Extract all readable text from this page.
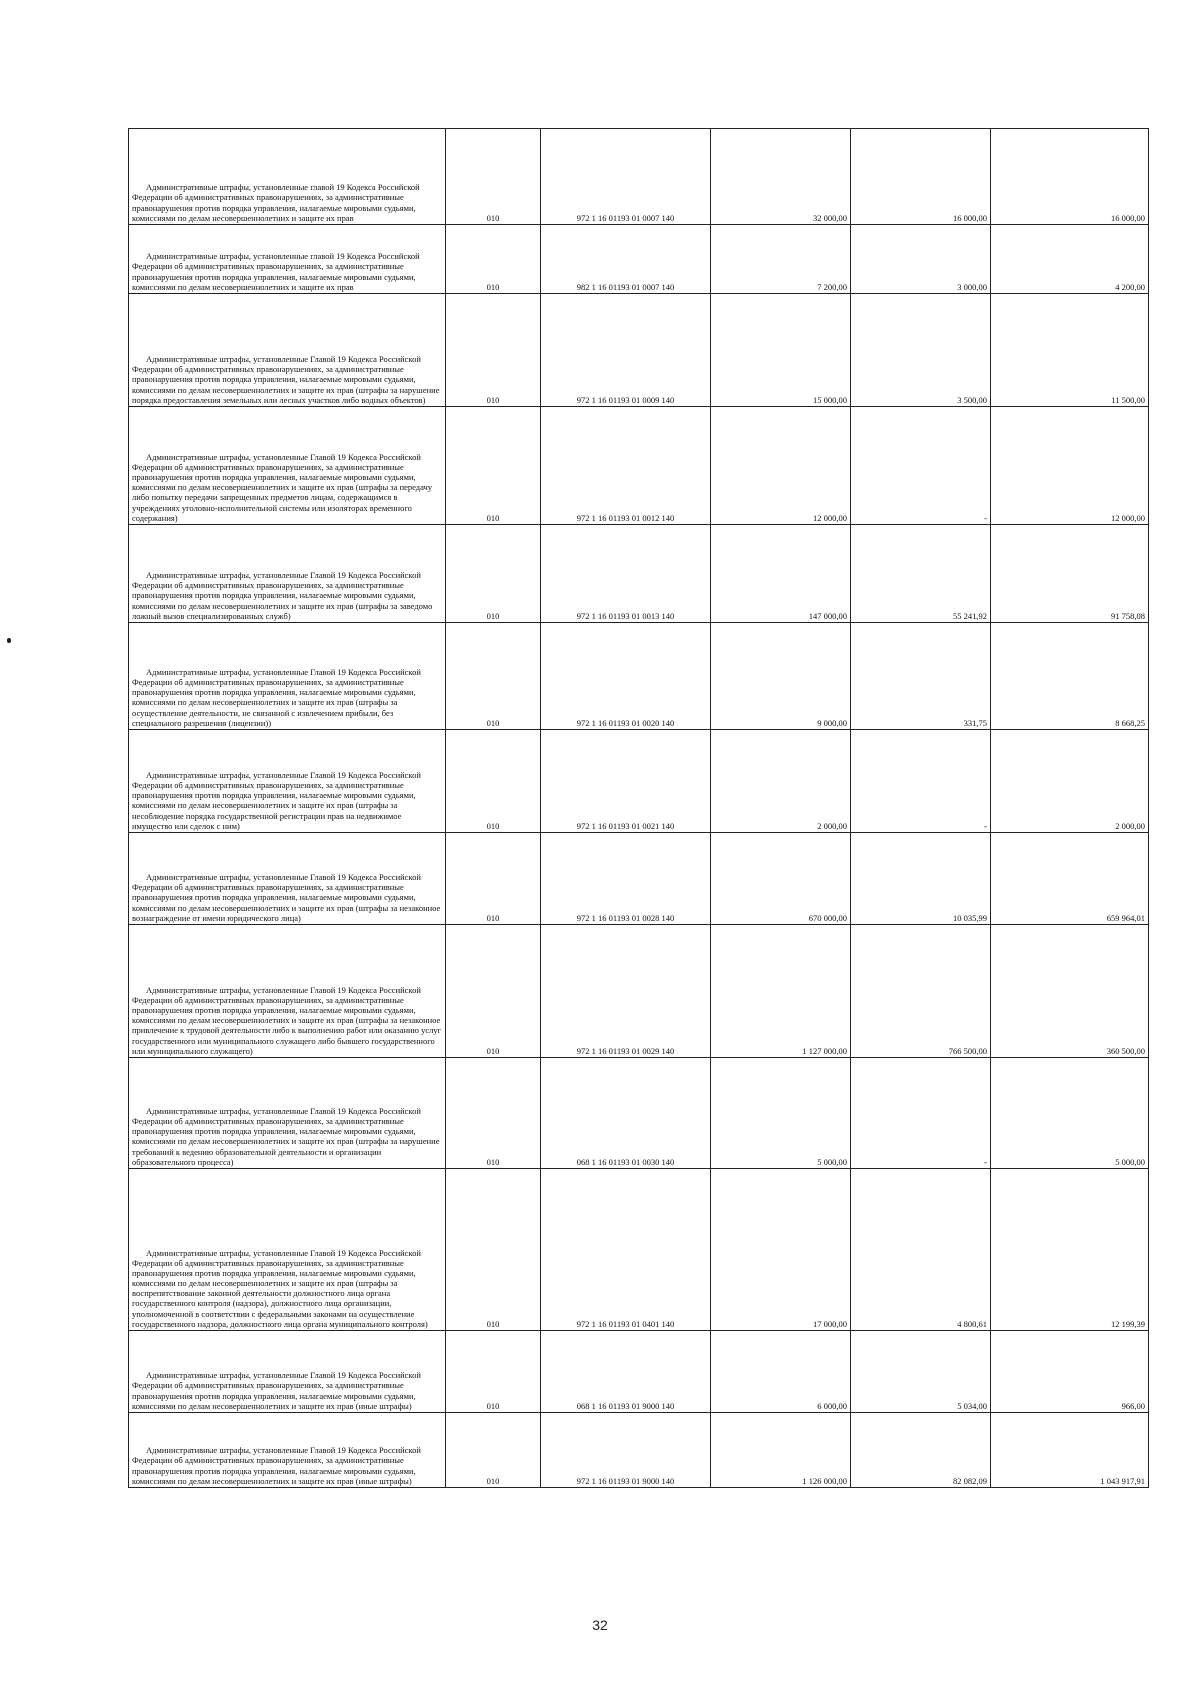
Административные штрафы, установленные главой 19 Кодекса Российской Федерации об административных правонарушениях, за административные правонарушения против порядка управления, налагаемые мировыми судьями, комиссиями по делам несовершеннолетних и защите их прав	010	972 1 16 01193 01 0007 140	32 000,00	16 000,00	16 000,00
Административные штрафы, установленные главой 19 Кодекса Российской Федерации об административных правонарушениях, за административные правонарушения против порядка управления, налагаемые мировыми судьями, комиссиями по делам несовершеннолетних и защите их прав	010	982 1 16 01193 01 0007 140	7 200,00	3 000,00	4 200,00
Административные штрафы, установленные Главой 19 Кодекса Российской Федерации об административных правонарушениях, за административные правонарушения против порядка управления, налагаемые мировыми судьями, комиссиями по делам несовершеннолетних и защите их прав (штрафы за нарушение порядка предоставления земельных или лесных участков либо водных объектов)	010	972 1 16 01193 01 0009 140	15 000,00	3 500,00	11 500,00
Административные штрафы, установленные Главой 19 Кодекса Российской Федерации об административных правонарушениях, за административные правонарушения против порядка управления, налагаемые мировыми судьями, комиссиями по делам несовершеннолетних и защите их прав (штрафы за передачу либо попытку передачи запрещенных предметов лицам, содержащимся в учреждениях уголовно-исполнительной системы или изоляторах временного содержания)	010	972 1 16 01193 01 0012 140	12 000,00	-	12 000,00
Административные штрафы, установленные Главой 19 Кодекса Российской Федерации об административных правонарушениях, за административные правонарушения против порядка управления, налагаемые мировыми судьями, комиссиями по делам несовершеннолетних и защите их прав (штрафы за заведомо ложный вызов специализированных служб)	010	972 1 16 01193 01 0013 140	147 000,00	55 241,92	91 758,08
Административные штрафы, установленные Главой 19 Кодекса Российской Федерации об административных правонарушениях, за административные правонарушения против порядка управления, налагаемые мировыми судьями, комиссиями по делам несовершеннолетних и защите их прав (штрафы за осуществление деятельности, не связанной с извлечением прибыли, без специального разрешения (лицензии))	010	972 1 16 01193 01 0020 140	9 000,00	331,75	8 668,25
Административные штрафы, установленные Главой 19 Кодекса Российской Федерации об административных правонарушениях, за административные правонарушения против порядка управления, налагаемые мировыми судьями, комиссиями по делам несовершеннолетних и защите их прав (штрафы за несоблюдение порядка государственной регистрации прав на недвижимое имущество или сделок с ним)	010	972 1 16 01193 01 0021 140	2 000,00	-	2 000,00
Административные штрафы, установленные Главой 19 Кодекса Российской Федерации об административных правонарушениях, за административные правонарушения против порядка управления, налагаемые мировыми судьями, комиссиями по делам несовершеннолетних и защите их прав (штрафы за незаконное вознаграждение от имени юридического лица)	010	972 1 16 01193 01 0028 140	670 000,00	10 035,99	659 964,01
Административные штрафы, установленные Главой 19 Кодекса Российской Федерации об административных правонарушениях, за административные правонарушения против порядка управления, налагаемые мировыми судьями, комиссиями по делам несовершеннолетних и защите их прав (штрафы за незаконное привлечение к трудовой деятельности либо к выполнению работ или оказанию услуг государственного или муниципального служащего либо бывшего государственного или муниципального служащего)	010	972 1 16 01193 01 0029 140	1 127 000,00	766 500,00	360 500,00
Административные штрафы, установленные Главой 19 Кодекса Российской Федерации об административных правонарушениях, за административные правонарушения против порядка управления, налагаемые мировыми судьями, комиссиями по делам несовершеннолетних и защите их прав (штрафы за нарушение требований к ведению образовательной деятельности и организации образовательного процесса)	010	068 1 16 01193 01 0030 140	5 000,00	-	5 000,00
Административные штрафы, установленные Главой 19 Кодекса Российской Федерации об административных правонарушениях, за административные правонарушения против порядка управления, налагаемые мировыми судьями, комиссиями по делам несовершеннолетних и защите их прав (штрафы за воспрепятствование законной деятельности должностного лица органа государственного контроля (надзора), должностного лица организации, уполномоченной в соответствии с федеральными законами на осуществление государственного надзора, должностного лица органа муниципального контроля)	010	972 1 16 01193 01 0401 140	17 000,00	4 800,61	12 199,39
Административные штрафы, установленные Главой 19 Кодекса Российской Федерации об административных правонарушениях, за административные правонарушения против порядка управления, налагаемые мировыми судьями, комиссиями по делам несовершеннолетних и защите их прав (иные штрафы)	010	068 1 16 01193 01 9000 140	6 000,00	5 034,00	966,00
Административные штрафы, установленные Главой 19 Кодекса Российской Федерации об административных правонарушениях, за административные правонарушения против порядка управления, налагаемые мировыми судьями, комиссиями по делам несовершеннолетних и защите их прав (иные штрафы)	010	972 1 16 01193 01 9000 140	1 126 000,00	82 082,09	1 043 917,91
32
